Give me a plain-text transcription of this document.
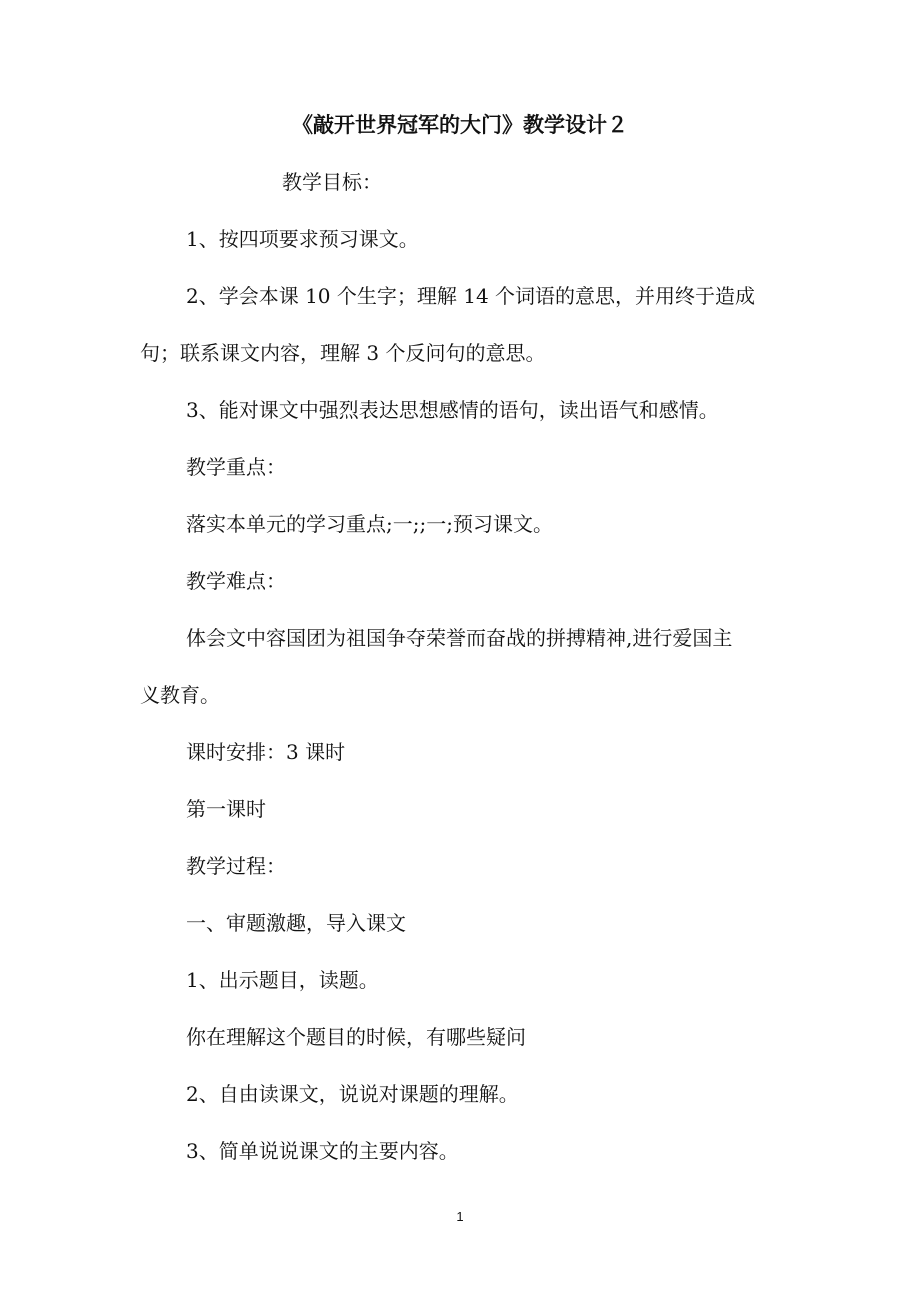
《敲开世界冠军的大门》教学设计２
教学目标：
1、按四项要求预习课文。
2、学会本课 10 个生字；理解 14 个词语的意思，并用终于造成
句；联系课文内容，理解 3 个反问句的意思。
3、能对课文中强烈表达思想感情的语句，读出语气和感情。
教学重点：
落实本单元的学习重点;一;;一;预习课文。
教学难点：
体会文中容国团为祖国争夺荣誉而奋战的拼搏精神,进行爱国主
义教育。
课时安排：3 课时
第一课时
教学过程：
一、审题激趣，导入课文
1、出示题目，读题。
你在理解这个题目的时候，有哪些疑问
2、自由读课文，说说对课题的理解。
3、简单说说课文的主要内容。
1
